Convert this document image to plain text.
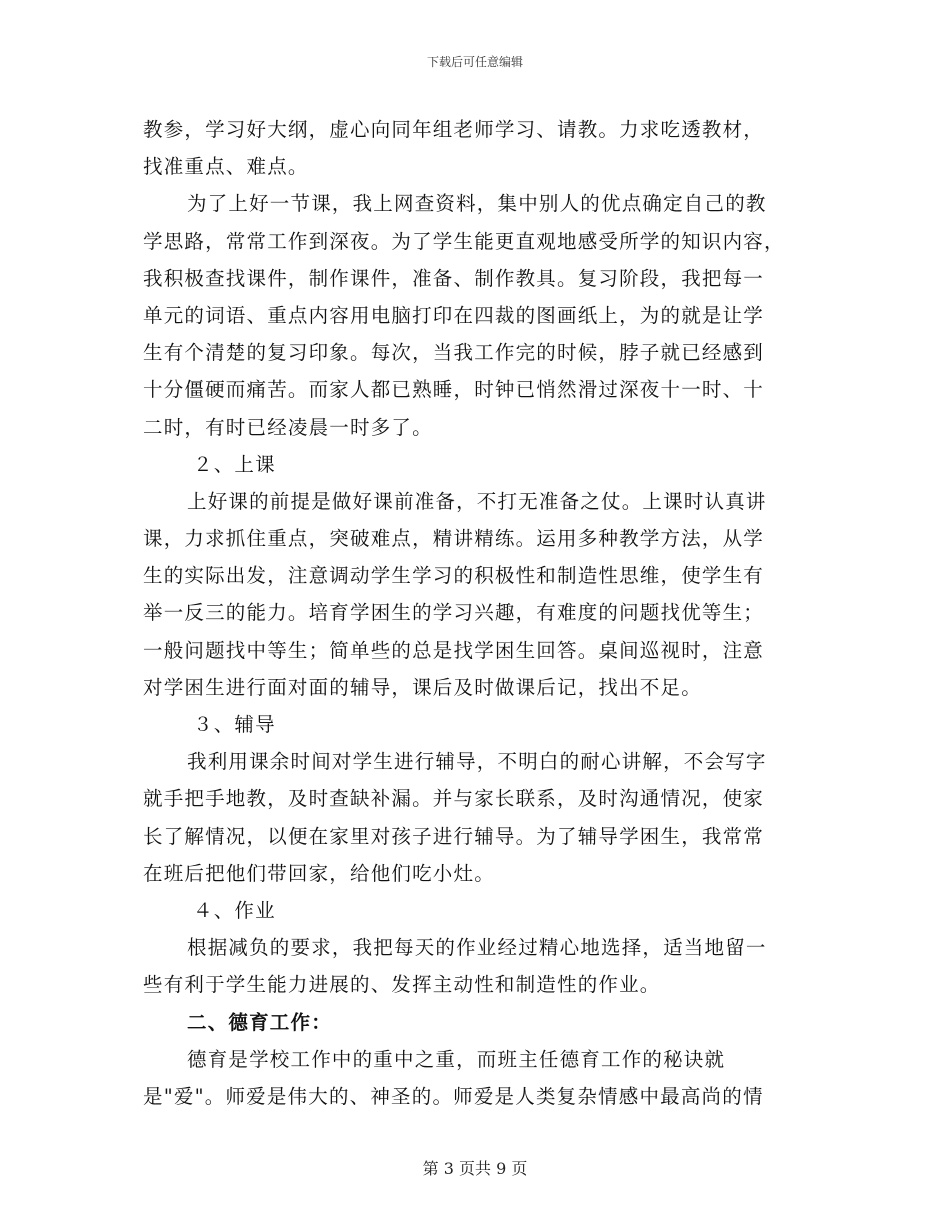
下载后可任意编辑
教参，学习好大纲，虚心向同年组老师学习、请教。力求吃透教材，
找准重点、难点。
为了上好一节课，我上网查资料，集中别人的优点确定自己的教
学思路，常常工作到深夜。为了学生能更直观地感受所学的知识内容，
我积极查找课件，制作课件，准备、制作教具。复习阶段，我把每一
单元的词语、重点内容用电脑打印在四裁的图画纸上，为的就是让学
生有个清楚的复习印象。每次，当我工作完的时候，脖子就已经感到
十分僵硬而痛苦。而家人都已熟睡，时钟已悄然滑过深夜十一时、十
二时，有时已经凌晨一时多了。
２、上课
上好课的前提是做好课前准备，不打无准备之仗。上课时认真讲
课，力求抓住重点，突破难点，精讲精练。运用多种教学方法，从学
生的实际出发，注意调动学生学习的积极性和制造性思维，使学生有
举一反三的能力。培育学困生的学习兴趣，有难度的问题找优等生；
一般问题找中等生；简单些的总是找学困生回答。桌间巡视时，注意
对学困生进行面对面的辅导，课后及时做课后记，找出不足。
３、辅导
我利用课余时间对学生进行辅导，不明白的耐心讲解，不会写字
就手把手地教，及时查缺补漏。并与家长联系，及时沟通情况，使家
长了解情况，以便在家里对孩子进行辅导。为了辅导学困生，我常常
在班后把他们带回家，给他们吃小灶。
４、作业
根据减负的要求，我把每天的作业经过精心地选择，适当地留一
些有利于学生能力进展的、发挥主动性和制造性的作业。
二、德育工作：
德育是学校工作中的重中之重，而班主任德育工作的秘诀就
是"爱"。师爱是伟大的、神圣的。师爱是人类复杂情感中最高尚的情
第 3 页共 9 页
